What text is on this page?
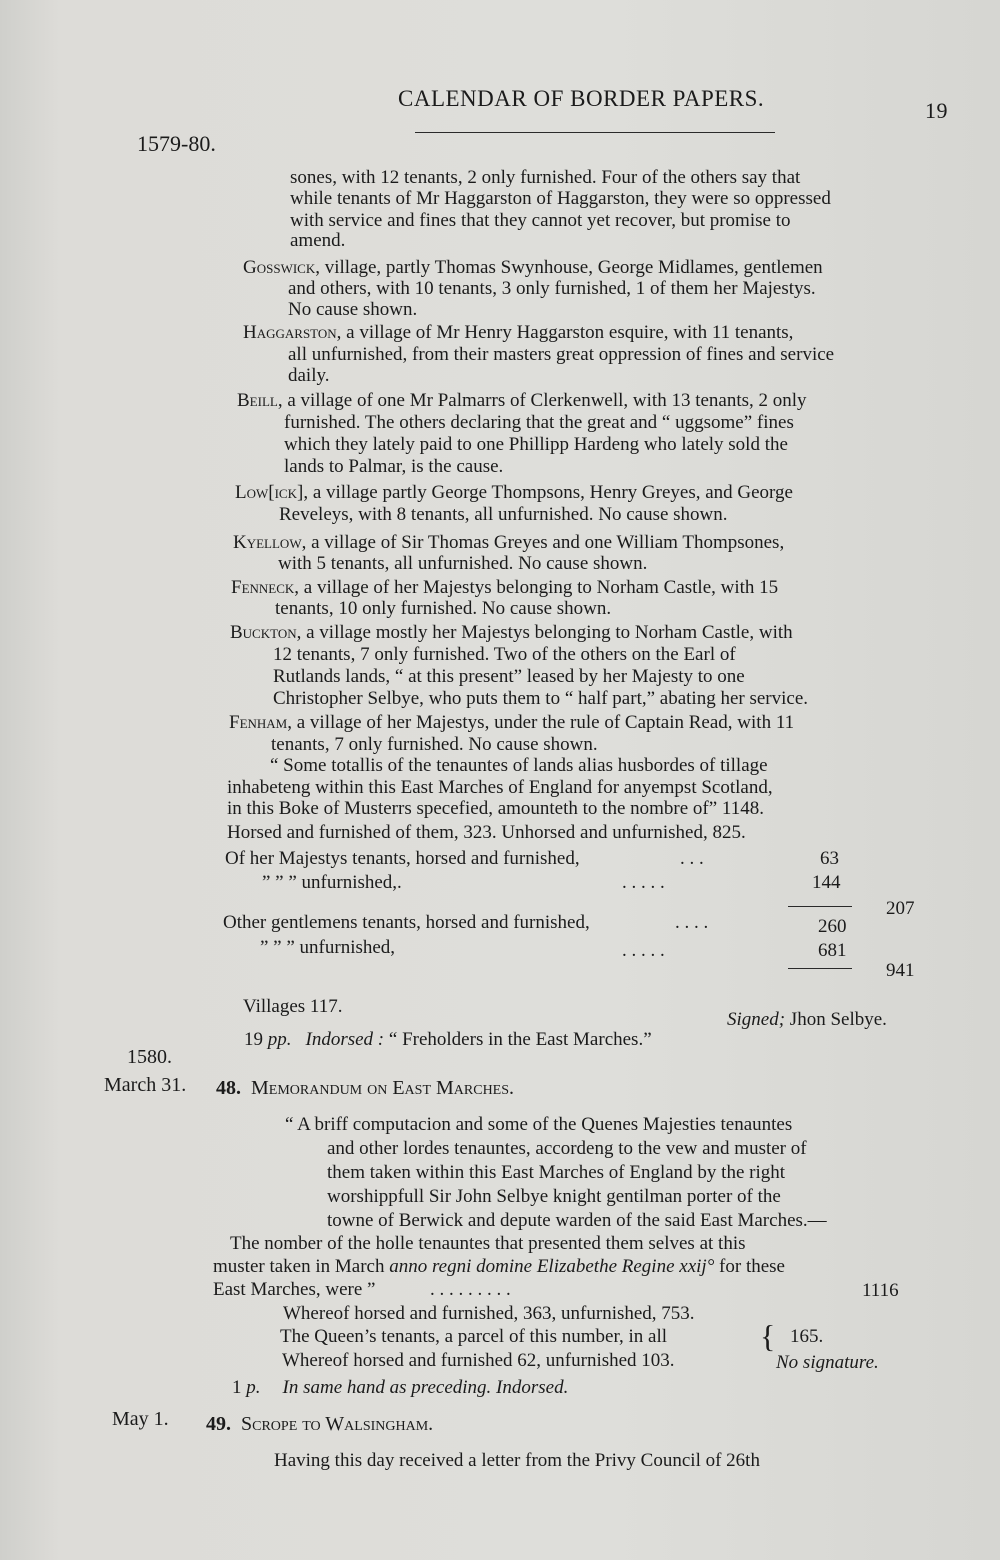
CALENDAR OF BORDER PAPERS.	19
1579-80.
sones, with 12 tenants, 2 only furnished. Four of the others say that
while tenants of Mr Haggarston of Haggarston, they were so oppressed
with service and fines that they cannot yet recover, but promise to
amend.
Gosswick, village, partly Thomas Swynhouse, George Midlames, gentlemen
and others, with 10 tenants, 3 only furnished, 1 of them her Majestys.
No cause shown.
Haggarston, a village of Mr Henry Haggarston esquire, with 11 tenants,
all unfurnished, from their masters great oppression of fines and service
daily.
Beill, a village of one Mr Palmarrs of Clerkenwell, with 13 tenants, 2 only
furnished. The others declaring that the great and “ uggsome” fines
which they lately paid to one Phillipp Hardeng who lately sold the
lands to Palmar, is the cause.
Low[ick], a village partly George Thompsons, Henry Greyes, and George
Reveleys, with 8 tenants, all unfurnished. No cause shown.
Kyellow, a village of Sir Thomas Greyes and one William Thompsones,
with 5 tenants, all unfurnished. No cause shown.
Fenneck, a village of her Majestys belonging to Norham Castle, with 15
tenants, 10 only furnished. No cause shown.
Buckton, a village mostly her Majestys belonging to Norham Castle, with
12 tenants, 7 only furnished. Two of the others on the Earl of
Rutlands lands, “ at this present” leased by her Majesty to one
Christopher Selbye, who puts them to “ half part,” abating her service.
Fenham, a village of her Majestys, under the rule of Captain Read, with 11
tenants, 7 only furnished. No cause shown.
“ Some totallis of the tenauntes of lands alias husbordes of tillage
inhabeteng within this East Marches of England for anyempst Scotland,
in this Boke of Musterrs specefied, amounteth to the nombre of” 1148.
Horsed and furnished of them, 323. Unhorsed and unfurnished, 825.
Of her Majestys tenants, horsed and furnished,	. . .	63
” ” ” unfurnished,.	. . . . .	144
207
Other gentlemens tenants, horsed and furnished,	. . . .	260
” ” ” unfurnished,	. . . . .	681
941
Villages 117.
Signed; Jhon Selbye.
19 pp. Indorsed : “ Freholders in the East Marches.”
1580.
March 31. 48. Memorandum on East Marches.
“ A briff computacion and some of the Quenes Majesties tenauntes
and other lordes tenauntes, accordeng to the vew and muster of
them taken within this East Marches of England by the right
worshippfull Sir John Selbye knight gentilman porter of the
towne of Berwick and depute warden of the said East Marches.—
The nomber of the holle tenauntes that presented them selves at this
muster taken in March anno regni domine Elizabethe Regine xxij° for these
East Marches, were ”	. . . . . . . . .	1116
Whereof horsed and furnished, 363, unfurnished, 753.
The Queen’s tenants, a parcel of this number, in all	{ 165.
Whereof horsed and furnished 62, unfurnished 103.	No signature.
1 p. In same hand as preceding. Indorsed.
May 1. 49. Scrope to Walsingham.
Having this day received a letter from the Privy Council of 26th
